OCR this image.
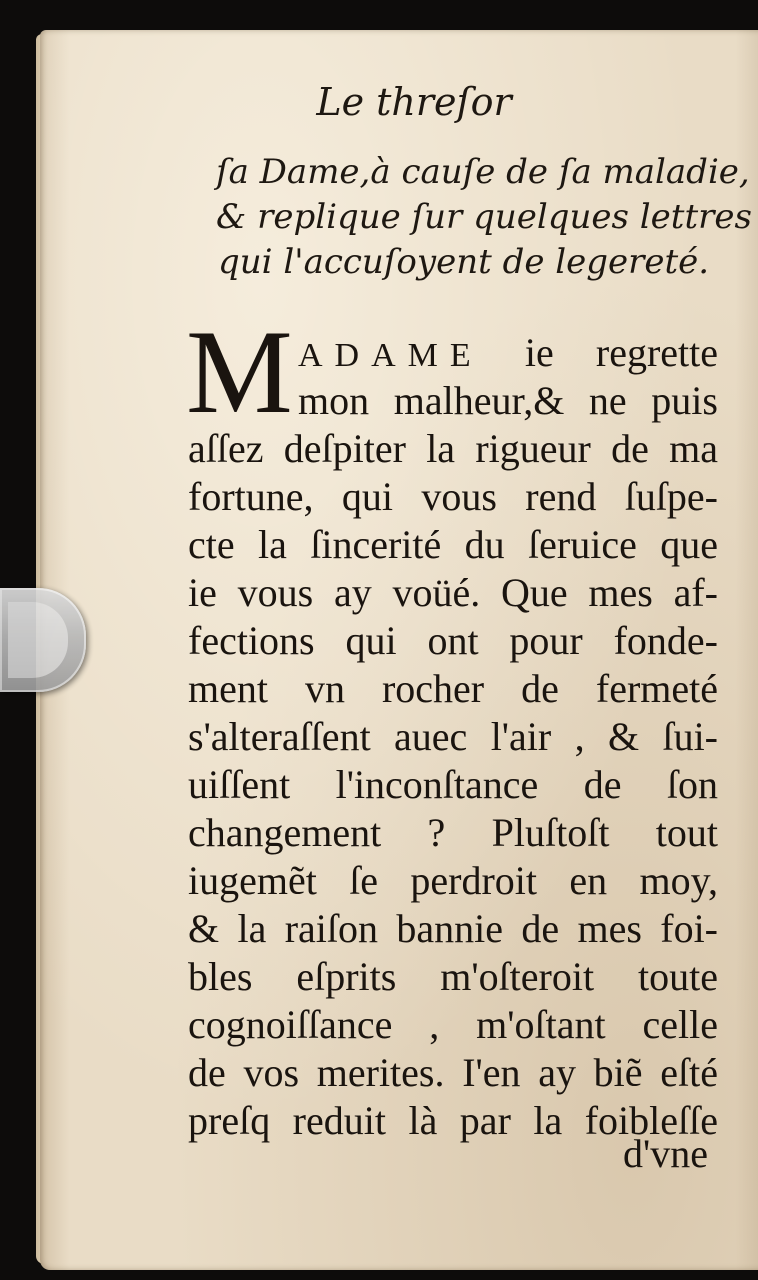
Le threſor
ſa Dame,à cauſe de ſa maladie,
& replique ſur quelques lettres
qui l'accuſoyent de legereté.
M ADAME ie regrette
mon malheur,& ne puis
aſſez deſpiter la rigueur de ma
fortune, qui vous rend ſuſpe-
cte la ſincerité du ſeruice que
ie vous ay voüé. Que mes af-
fections qui ont pour fonde-
ment vn rocher de fermeté
s'alteraſſent auec l'air , & ſui-
uiſſent l'inconſtance de ſon
changement ? Pluſtoſt tout
iugemẽt ſe perdroit en moy,
& la raiſon bannie de mes foi-
bles eſprits m'oſteroit toute
cognoiſſance , m'oſtant celle
de vos merites. I'en ay biẽ eſté
preſq reduit là par la foibleſſe
d'vne
